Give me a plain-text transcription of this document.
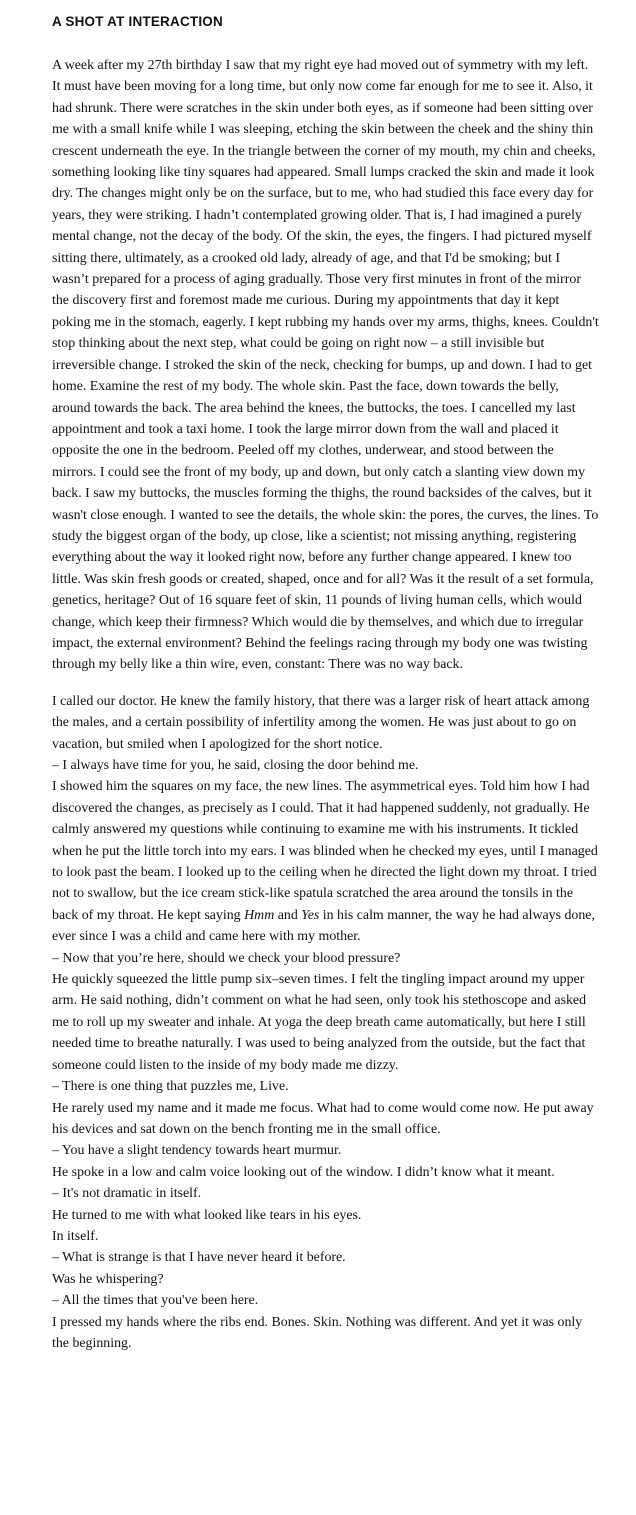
A SHOT AT INTERACTION

A week after my 27th birthday I saw that my right eye had moved out of symmetry with my left. It must have been moving for a long time, but only now come far enough for me to see it. Also, it had shrunk. There were scratches in the skin under both eyes, as if someone had been sitting over me with a small knife while I was sleeping, etching the skin between the cheek and the shiny thin crescent underneath the eye. In the triangle between the corner of my mouth, my chin and cheeks, something looking like tiny squares had appeared. Small lumps cracked the skin and made it look dry. The changes might only be on the surface, but to me, who had studied this face every day for years, they were striking. I hadn’t contemplated growing older. That is, I had imagined a purely mental change, not the decay of the body. Of the skin, the eyes, the fingers. I had pictured myself sitting there, ultimately, as a crooked old lady, already of age, and that I'd be smoking; but I wasn’t prepared for a process of aging gradually. Those very first minutes in front of the mirror the discovery first and foremost made me curious. During my appointments that day it kept poking me in the stomach, eagerly. I kept rubbing my hands over my arms, thighs, knees. Couldn't stop thinking about the next step, what could be going on right now – a still invisible but irreversible change. I stroked the skin of the neck, checking for bumps, up and down. I had to get home. Examine the rest of my body. The whole skin. Past the face, down towards the belly, around towards the back. The area behind the knees, the buttocks, the toes. I cancelled my last appointment and took a taxi home. I took the large mirror down from the wall and placed it opposite the one in the bedroom. Peeled off my clothes, underwear, and stood between the mirrors. I could see the front of my body, up and down, but only catch a slanting view down my back. I saw my buttocks, the muscles forming the thighs, the round backsides of the calves, but it wasn't close enough. I wanted to see the details, the whole skin: the pores, the curves, the lines. To study the biggest organ of the body, up close, like a scientist; not missing anything, registering everything about the way it looked right now, before any further change appeared. I knew too little. Was skin fresh goods or created, shaped, once and for all? Was it the result of a set formula, genetics, heritage? Out of 16 square feet of skin, 11 pounds of living human cells, which would change, which keep their firmness? Which would die by themselves, and which due to irregular impact, the external environment? Behind the feelings racing through my body one was twisting through my belly like a thin wire, even, constant: There was no way back.

I called our doctor. He knew the family history, that there was a larger risk of heart attack among the males, and a certain possibility of infertility among the women. He was just about to go on vacation, but smiled when I apologized for the short notice.

– I always have time for you, he said, closing the door behind me.

I showed him the squares on my face, the new lines. The asymmetrical eyes. Told him how I had discovered the changes, as precisely as I could. That it had happened suddenly, not gradually. He calmly answered my questions while continuing to examine me with his instruments. It tickled when he put the little torch into my ears. I was blinded when he checked my eyes, until I managed to look past the beam. I looked up to the ceiling when he directed the light down my throat. I tried not to swallow, but the ice cream stick-like spatula scratched the area around the tonsils in the back of my throat. He kept saying Hmm and Yes in his calm manner, the way he had always done, ever since I was a child and came here with my mother.

– Now that you’re here, should we check your blood pressure?

He quickly squeezed the little pump six–seven times. I felt the tingling impact around my upper arm. He said nothing, didn’t comment on what he had seen, only took his stethoscope and asked me to roll up my sweater and inhale. At yoga the deep breath came automatically, but here I still needed time to breathe naturally. I was used to being analyzed from the outside, but the fact that someone could listen to the inside of my body made me dizzy.

– There is one thing that puzzles me, Live.

He rarely used my name and it made me focus. What had to come would come now. He put away his devices and sat down on the bench fronting me in the small office.

– You have a slight tendency towards heart murmur.

He spoke in a low and calm voice looking out of the window. I didn’t know what it meant.

– It's not dramatic in itself.

He turned to me with what looked like tears in his eyes.

In itself.

– What is strange is that I have never heard it before.

Was he whispering?

– All the times that you've been here.

I pressed my hands where the ribs end. Bones. Skin. Nothing was different. And yet it was only the beginning.
